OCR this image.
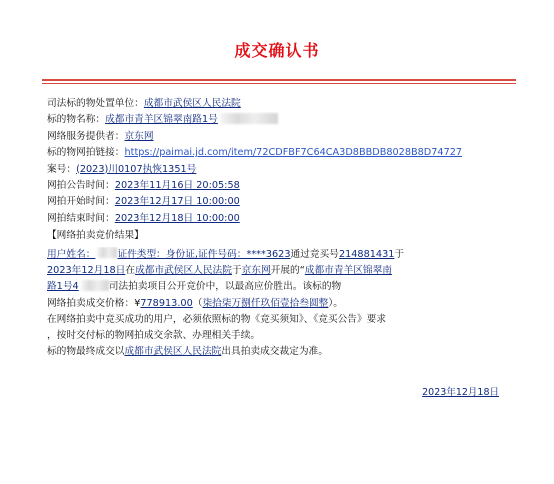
成交确认书
司法标的物处置单位：成都市武侯区人民法院
标的物名称：成都市青羊区锦翠南路1号
网络服务提供者：京东网
标的物网拍链接：https://paimai.jd.com/item/72CDFBF7C64CA3D8BBDB8028B8D74727
案号：(2023)川0107执恢1351号
网拍公告时间：2023年11月16日 20:05:58
网拍开始时间：2023年12月17日 10:00:00
网拍结束时间：2023年12月18日 10:00:00
【网络拍卖竞价结果】
用户姓名： 证件类型：身份证,证件号码：****3623通过竞买号214881431于
2023年12月18日在成都市武侯区人民法院于京东网开展的“成都市青羊区锦翠南
路1号4	司法拍卖项目公开竞价中，以最高应价胜出。该标的物
网络拍卖成交价格：¥778913.00（柒拾柒万捌仟玖佰壹拾叁圆整）。
在网络拍卖中竞买成功的用户，必须依照标的物《竞买须知》、《竞买公告》要求
，按时交付标的物网拍成交余款、办理相关手续。
标的物最终成交以成都市武侯区人民法院出具拍卖成交裁定为准。
2023年12月18日
